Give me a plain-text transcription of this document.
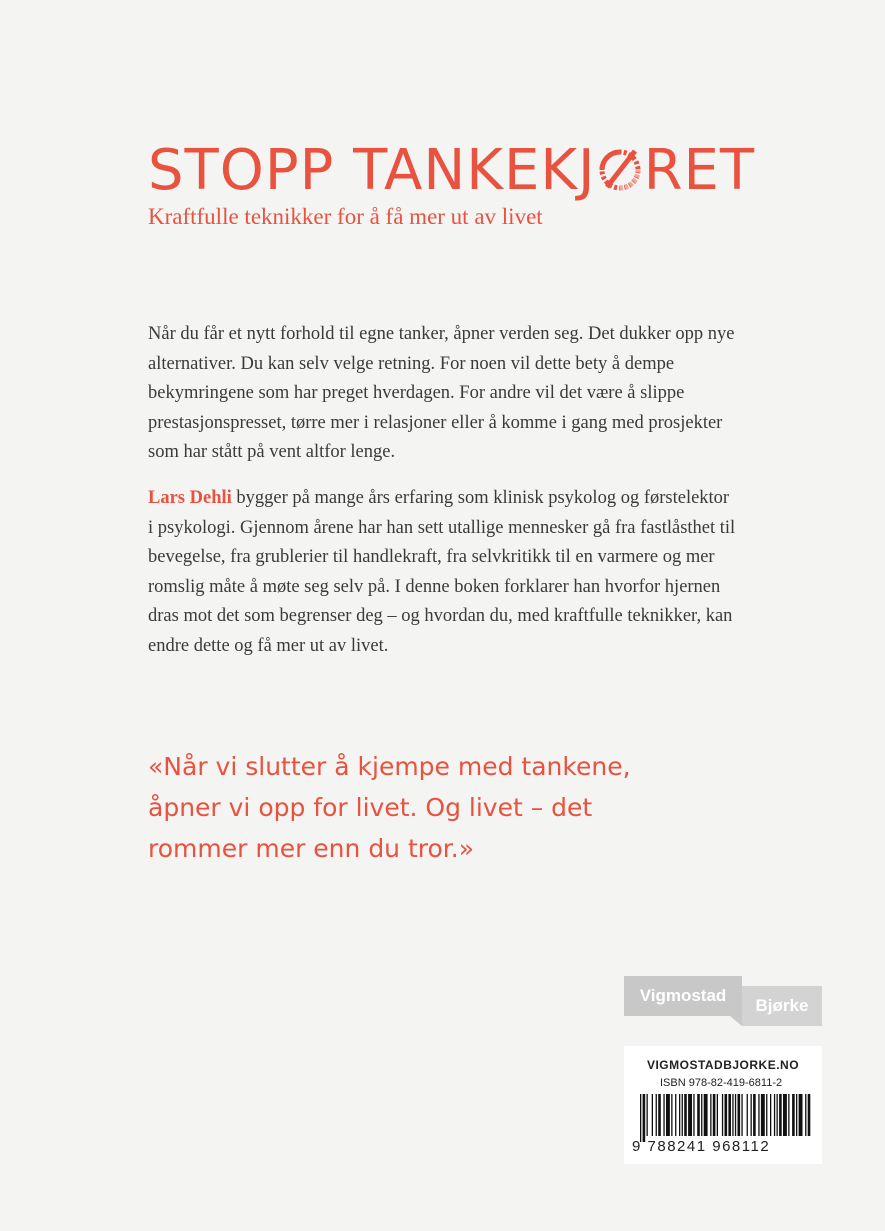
STOPP TANKEKJ RET

Kraftfulle teknikker for å få mer ut av livet

Når du får et nytt forhold til egne tanker, åpner verden seg. Det dukker opp nye alternativer. Du kan selv velge retning. For noen vil dette bety å dempe bekymringene som har preget hverdagen. For andre vil det være å slippe prestasjonspresset, tørre mer i relasjoner eller å komme i gang med prosjekter som har stått på vent altfor lenge.

Lars Dehli bygger på mange års erfaring som klinisk psykolog og førstelektor i psykologi. Gjennom årene har han sett utallige mennesker gå fra fastlåsthet til bevegelse, fra grublerier til handlekraft, fra selvkritikk til en varmere og mer romslig måte å møte seg selv på. I denne boken forklarer han hvorfor hjernen dras mot det som begrenser deg – og hvordan du, med kraftfulle teknikker, kan endre dette og få mer ut av livet.

«Når vi slutter å kjempe med tankene, åpner vi opp for livet. Og livet – det rommer mer enn du tror.»

Bjørke
Vigmostad
VIGMOSTADBJORKE.NO
ISBN 978-82-419-6811-2
9 788241 968112
